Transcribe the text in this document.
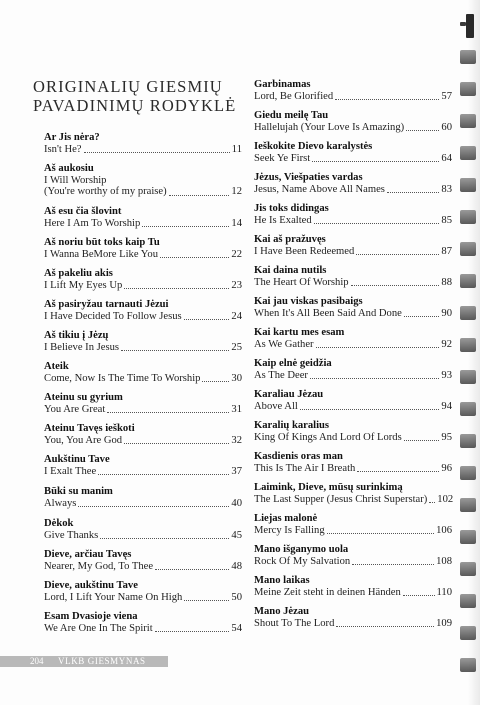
ORIGINALIŲ GIESMIŲ
PAVADINIMŲ RODYKLĖ
Ar Jis nėra?
Isn't He?	11
Aš aukosiu
I Will Worship
(You're worthy of my praise)	12
Aš esu čia šlovint
Here I Am To Worship	14
Aš noriu būt toks kaip Tu
I Wanna BeMore Like You	22
Aš pakeliu akis
I Lift My Eyes Up	23
Aš pasiryžau tarnauti Jėzui
I Have Decided To Follow Jesus	24
Aš tikiu į Jėzų
I Believe In Jesus	25
Ateik
Come, Now Is The Time To Worship	30
Ateinu su gyrium
You Are Great	31
Ateinu Tavęs ieškoti
You, You Are God	32
Aukštinu Tave
I Exalt Thee	37
Būki su manim
Always	40
Dėkok
Give Thanks	45
Dieve, arčiau Tavęs
Nearer, My God, To Thee	48
Dieve, aukštinu Tave
Lord, I Lift Your Name On High	50
Esam Dvasioje viena
We Are One In The Spirit	54
Garbinamas
Lord, Be Glorified	57
Giedu meilę Tau
Hallelujah (Your Love Is Amazing)	60
Ieškokite Dievo karalystės
Seek Ye First	64
Jėzus, Viešpaties vardas
Jesus, Name Above All Names	83
Jis toks didingas
He Is Exalted	85
Kai aš pražuvęs
I Have Been Redeemed	87
Kai daina nutils
The Heart Of Worship	88
Kai jau viskas pasibaigs
When It's All Been Said And Done	90
Kai kartu mes esam
As We Gather	92
Kaip elnė geidžia
As The Deer	93
Karaliau Jėzau
Above All	94
Karalių karalius
King Of Kings And Lord Of Lords	95
Kasdienis oras man
This Is The Air I Breath	96
Laimink, Dieve, mūsų surinkimą
The Last Supper (Jesus Christ Superstar) 102
Liejas malonė
Mercy Is Falling	106
Mano išganymo uola
Rock Of My Salvation	108
Mano laikas
Meine Zeit steht in deinen Händen	110
Mano Jėzau
Shout To The Lord	109
204 VLKB GIESMYNAS
